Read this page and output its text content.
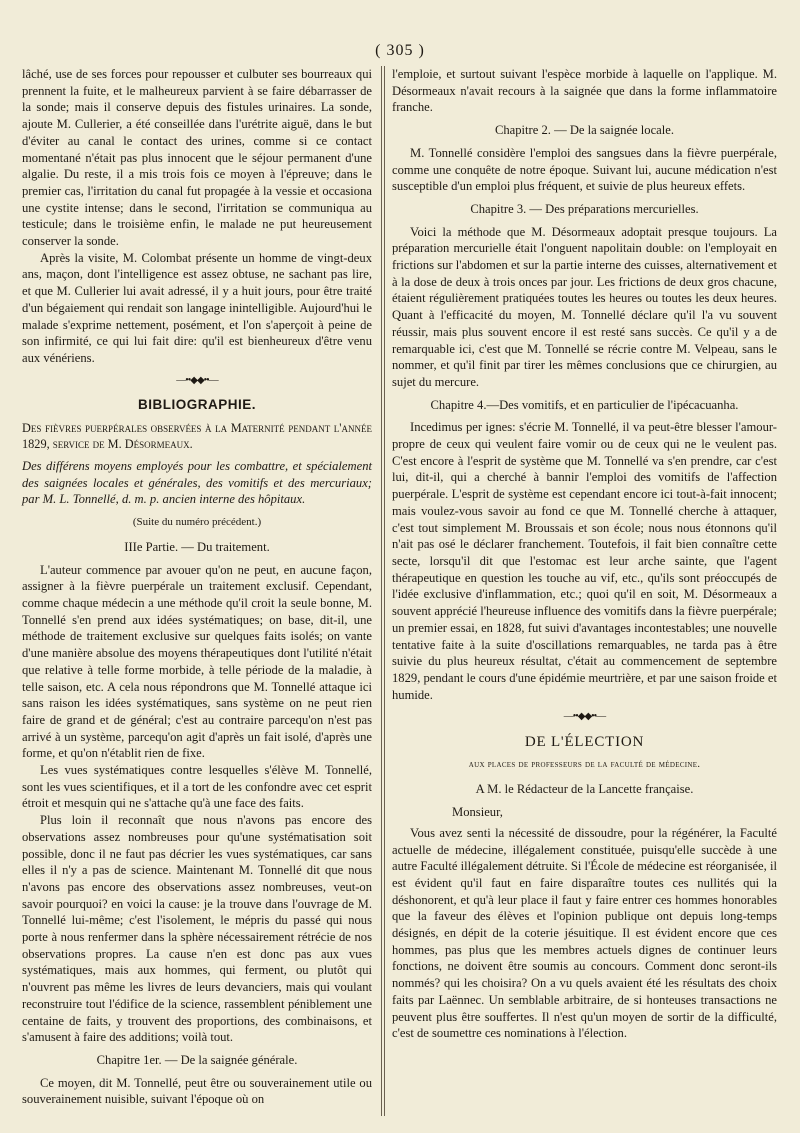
( 305 )

lâché, use de ses forces pour repousser et culbuter ses bourreaux qui prennent la fuite, et le malheureux parvient à se faire débarrasser de la sonde; mais il conserve depuis des fistules urinaires. La sonde, ajoute M. Cullerier, a été conseillée dans l'urétrite aiguë, dans le but d'éviter au canal le contact des urines, comme si ce contact momentané n'était pas plus innocent que le séjour permanent d'une algalie. Du reste, il a mis trois fois ce moyen à l'épreuve; dans le premier cas, l'irritation du canal fut propagée à la vessie et occasiona une cystite intense; dans le second, l'irritation se communiqua au testicule; dans le troisième enfin, le malade ne put heureusement conserver la sonde.

Après la visite, M. Colombat présente un homme de vingt-deux ans, maçon, dont l'intelligence est assez obtuse, ne sachant pas lire, et que M. Cullerier lui avait adressé, il y a huit jours, pour être traité d'un bégaiement qui rendait son langage inintelligible. Aujourd'hui le malade s'exprime nettement, posément, et l'on s'aperçoit à peine de son infirmité, ce qui lui fait dire: qu'il est bienheureux d'être venu aux vénériens.

—••◆◆••—
BIBLIOGRAPHIE.

Des fièvres puerpérales observées à la Maternité pendant l'année 1829, service de M. Désormeaux.

Des différens moyens employés pour les combattre, et spécialement des saignées locales et générales, des vomitifs et des mercuriaux; par M. L. Tonnellé, d. m. p. ancien interne des hôpitaux.

(Suite du numéro précédent.)
IIIe Partie. — Du traitement.

L'auteur commence par avouer qu'on ne peut, en aucune façon, assigner à la fièvre puerpérale un traitement exclusif. Cependant, comme chaque médecin a une méthode qu'il croit la seule bonne, M. Tonnellé s'en prend aux idées systématiques; on base, dit-il, une méthode de traitement exclusive sur quelques faits isolés; on vante d'une manière absolue des moyens thérapeutiques dont l'utilité n'était que relative à telle forme morbide, à telle période de la maladie, à telle saison, etc. A cela nous répondrons que M. Tonnellé attaque ici sans raison les idées systématiques, sans système on ne peut rien faire de grand et de général; c'est au contraire parcequ'on n'est pas arrivé à un système, parcequ'on agit d'après un fait isolé, d'après une forme, et qu'on n'établit rien de fixe.

Les vues systématiques contre lesquelles s'élève M. Tonnellé, sont les vues scientifiques, et il a tort de les confondre avec cet esprit étroit et mesquin qui ne s'attache qu'à une face des faits.

Plus loin il reconnaît que nous n'avons pas encore des observations assez nombreuses pour qu'une systématisation soit possible, donc il ne faut pas décrier les vues systématiques, car sans elles il n'y a pas de science. Maintenant M. Tonnellé dit que nous n'avons pas encore des observations assez nombreuses, veut-on savoir pourquoi? en voici la cause: je la trouve dans l'ouvrage de M. Tonnellé lui-même; c'est l'isolement, le mépris du passé qui nous porte à nous renfermer dans la sphère nécessairement rétrécie de nos observations propres. La cause n'en est donc pas aux vues systématiques, mais aux hommes, qui ferment, ou plutôt qui n'ouvrent pas même les livres de leurs devanciers, mais qui voulant reconstruire tout l'édifice de la science, rassemblent péniblement une centaine de faits, y trouvent des proportions, des combinaisons, et s'amusent à faire des additions; voilà tout.

Chapitre 1er. — De la saignée générale.

Ce moyen, dit M. Tonnellé, peut être ou souverainement utile ou souverainement nuisible, suivant l'époque où on

l'emploie, et surtout suivant l'espèce morbide à laquelle on l'applique. M. Désormeaux n'avait recours à la saignée que dans la forme inflammatoire franche.

Chapitre 2. — De la saignée locale.

M. Tonnellé considère l'emploi des sangsues dans la fièvre puerpérale, comme une conquête de notre époque. Suivant lui, aucune médication n'est susceptible d'un emploi plus fréquent, et suivie de plus heureux effets.

Chapitre 3. — Des préparations mercurielles.

Voici la méthode que M. Désormeaux adoptait presque toujours. La préparation mercurielle était l'onguent napolitain double: on l'employait en frictions sur l'abdomen et sur la partie interne des cuisses, alternativement et à la dose de deux à trois onces par jour. Les frictions de deux gros chacune, étaient régulièrement pratiquées toutes les heures ou toutes les deux heures. Quant à l'efficacité du moyen, M. Tonnellé déclare qu'il l'a vu souvent réussir, mais plus souvent encore il est resté sans succès. Ce qu'il y a de remarquable ici, c'est que M. Tonnellé se récrie contre M. Velpeau, sans le nommer, et qu'il finit par tirer les mêmes conclusions que ce chirurgien, au sujet du mercure.

Chapitre 4.—Des vomitifs, et en particulier de l'ipécacuanha.

Incedimus per ignes: s'écrie M. Tonnellé, il va peut-être blesser l'amour-propre de ceux qui veulent faire vomir ou de ceux qui ne le veulent pas. C'est encore à l'esprit de système que M. Tonnellé va s'en prendre, car c'est lui, dit-il, qui a cherché à bannir l'emploi des vomitifs de l'affection puerpérale. L'esprit de système est cependant encore ici tout-à-fait innocent; mais voulez-vous savoir au fond ce que M. Tonnellé cherche à attaquer, c'est tout simplement M. Broussais et son école; nous nous étonnons qu'il n'ait pas osé le déclarer franchement. Toutefois, il fait bien connaître cette secte, lorsqu'il dit que l'estomac est leur arche sainte, que l'agent thérapeutique en question les touche au vif, etc., qu'ils sont préoccupés de l'idée exclusive d'inflammation, etc.; quoi qu'il en soit, M. Désormeaux a souvent apprécié l'heureuse influence des vomitifs dans la fièvre puerpérale; un premier essai, en 1828, fut suivi d'avantages incontestables; une nouvelle tentative faite à la suite d'oscillations remarquables, ne tarda pas à être suivie du plus heureux résultat, c'était au commencement de septembre 1829, pendant le cours d'une épidémie meurtrière, et par une saison froide et humide.

—••◆◆••—
DE L'ÉLECTION
aux places de professeurs de la faculté de médecine.
A M. le Rédacteur de la Lancette française.
Monsieur,

Vous avez senti la nécessité de dissoudre, pour la régénérer, la Faculté actuelle de médecine, illégalement constituée, puisqu'elle succède à une autre Faculté illégalement détruite. Si l'École de médecine est réorganisée, il est évident qu'il faut en faire disparaître toutes ces nullités qui la déshonorent, et qu'à leur place il faut y faire entrer ces hommes honorables que la faveur des élèves et l'opinion publique ont depuis long-temps désignés, en dépit de la coterie jésuitique. Il est évident encore que ces hommes, pas plus que les membres actuels dignes de continuer leurs fonctions, ne doivent être soumis au concours. Comment donc seront-ils nommés? qui les choisira? On a vu quels avaient été les résultats des choix faits par Laënnec. Un semblable arbitraire, de si honteuses transactions ne peuvent plus être souffertes. Il n'est qu'un moyen de sortir de la difficulté, c'est de soumettre ces nominations à l'élection.
